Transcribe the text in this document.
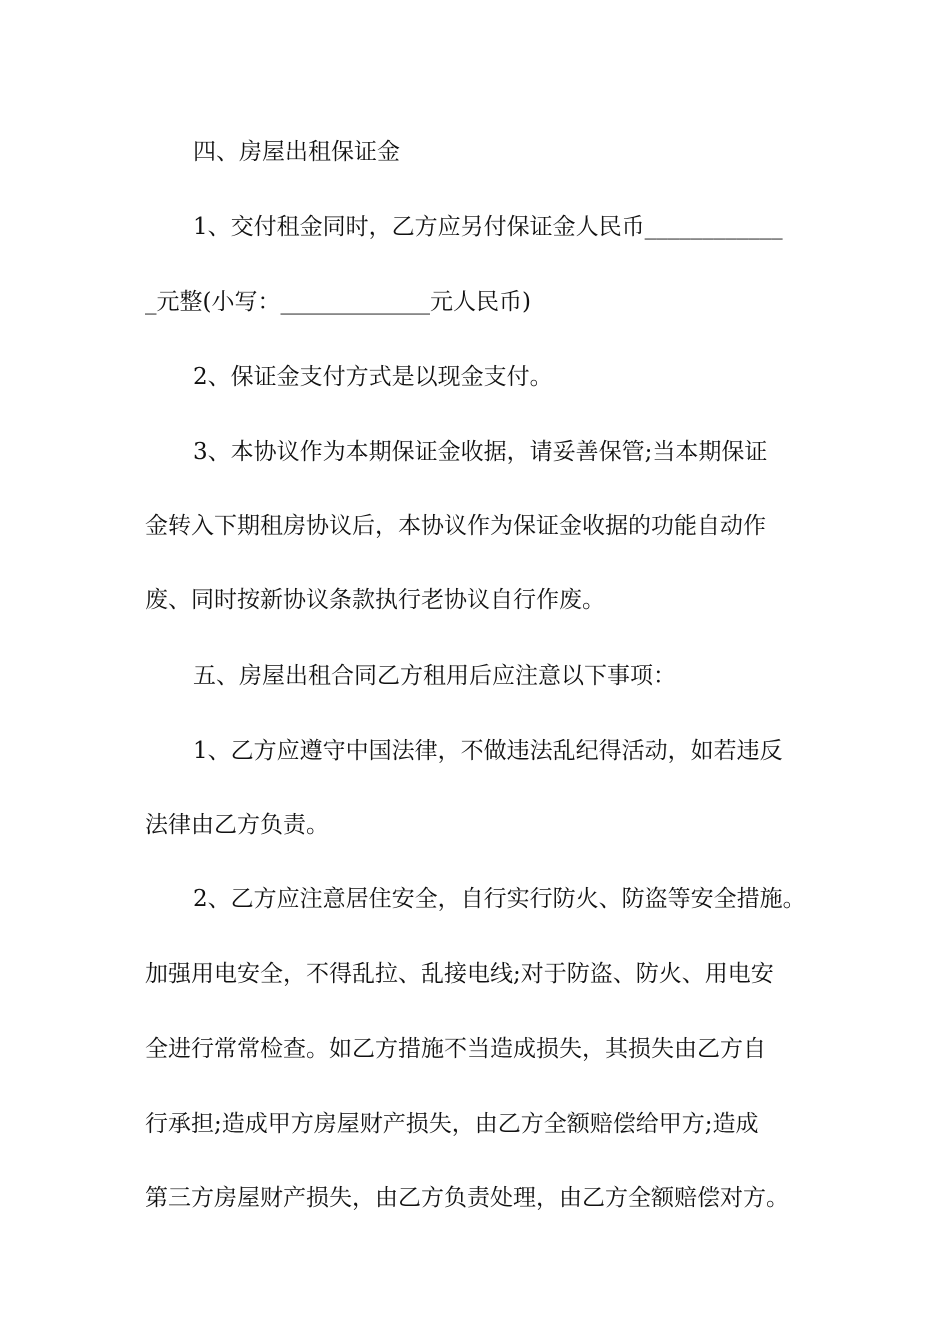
四、房屋出租保证金
1、交付租金同时，乙方应另付保证金人民币____________
_元整(小写：_____________元人民币)
2、保证金支付方式是以现金支付。
3、本协议作为本期保证金收据，请妥善保管;当本期保证
金转入下期租房协议后，本协议作为保证金收据的功能自动作
废、同时按新协议条款执行老协议自行作废。
五、房屋出租合同乙方租用后应注意以下事项：
1、乙方应遵守中国法律，不做违法乱纪得活动，如若违反
法律由乙方负责。
2、乙方应注意居住安全，自行实行防火、防盗等安全措施。
加强用电安全，不得乱拉、乱接电线;对于防盗、防火、用电安
全进行常常检查。如乙方措施不当造成损失，其损失由乙方自
行承担;造成甲方房屋财产损失，由乙方全额赔偿给甲方;造成
第三方房屋财产损失，由乙方负责处理，由乙方全额赔偿对方。
